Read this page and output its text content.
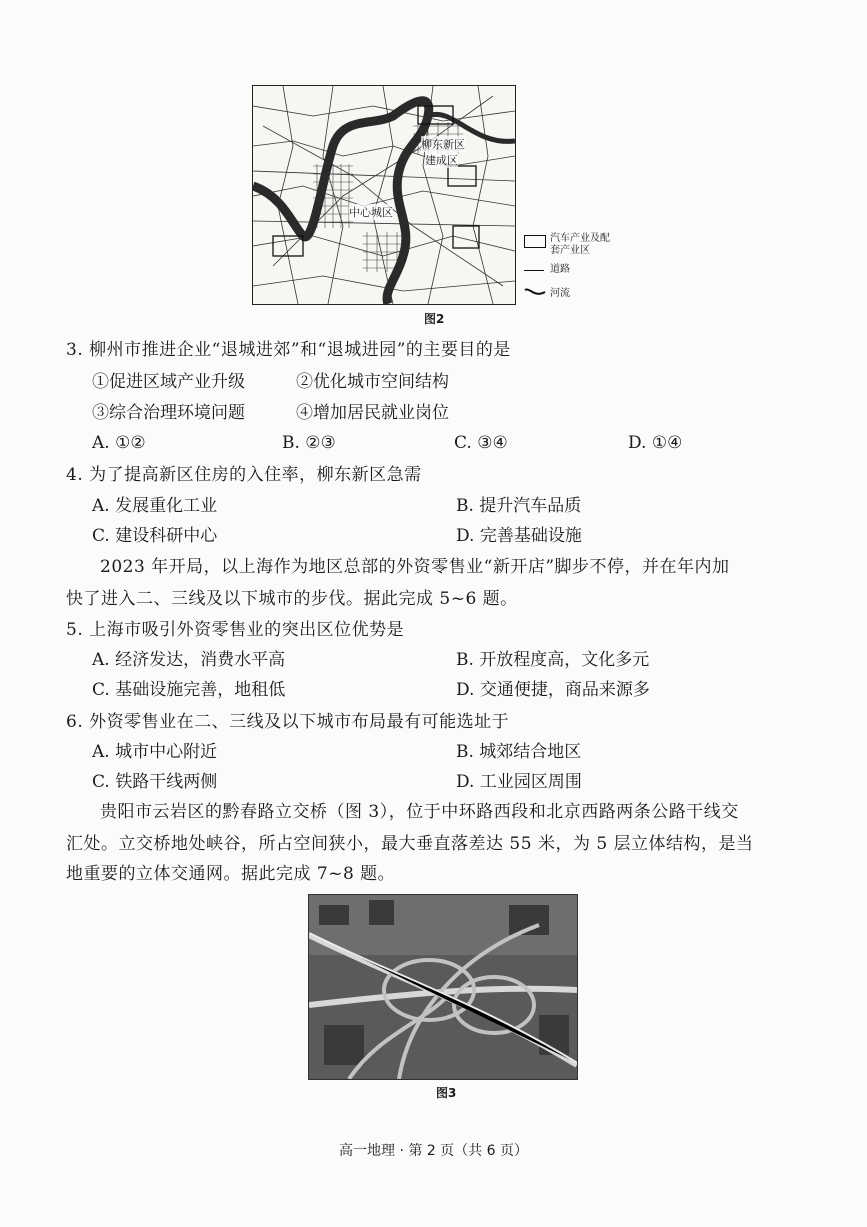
柳东新区
建成区
中心城区
汽车产业及配套产业区
道路
河流
图2
3. 柳州市推进企业“退城进郊”和“退城进园”的主要目的是
①促进区域产业升级	②优化城市空间结构
③综合治理环境问题	④增加居民就业岗位
A. ①②	B. ②③	C. ③④	D. ①④
4. 为了提高新区住房的入住率，柳东新区急需
A. 发展重化工业	B. 提升汽车品质
C. 建设科研中心	D. 完善基础设施
2023 年开局，以上海作为地区总部的外资零售业“新开店”脚步不停，并在年内加
快了进入二、三线及以下城市的步伐。据此完成 5~6 题。
5. 上海市吸引外资零售业的突出区位优势是
A. 经济发达，消费水平高	B. 开放程度高，文化多元
C. 基础设施完善，地租低	D. 交通便捷，商品来源多
6. 外资零售业在二、三线及以下城市布局最有可能选址于
A. 城市中心附近	B. 城郊结合地区
C. 铁路干线两侧	D. 工业园区周围
贵阳市云岩区的黔春路立交桥（图 3），位于中环路西段和北京西路两条公路干线交
汇处。立交桥地处峡谷，所占空间狭小，最大垂直落差达 55 米，为 5 层立体结构，是当
地重要的立体交通网。据此完成 7~8 题。
图3
高一地理 · 第 2 页（共 6 页）
